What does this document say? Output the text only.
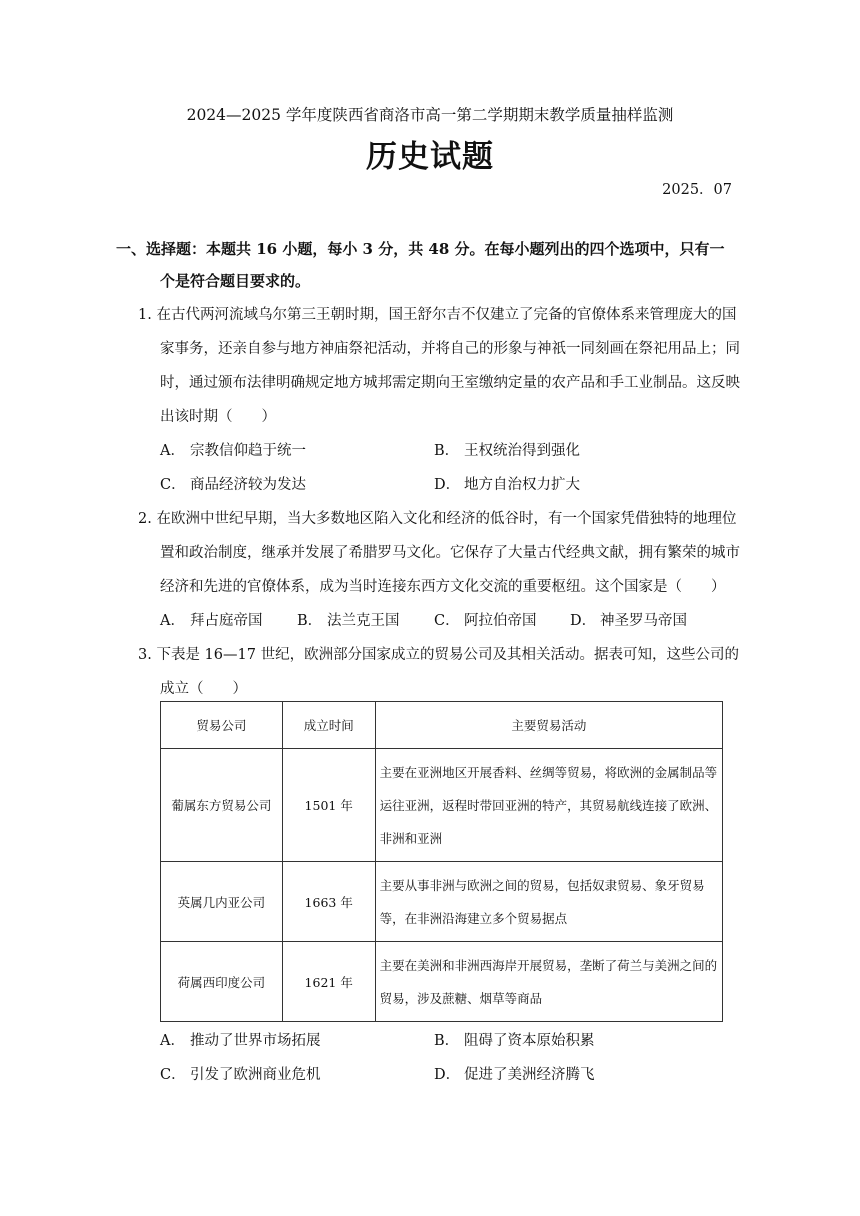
2024—2025 学年度陕西省商洛市高一第二学期期末教学质量抽样监测
历史试题
2025．07
一、选择题：本题共 16 小题，每小 3 分，共 48 分。在每小题列出的四个选项中，只有一
个是符合题目要求的。
1. 在古代两河流域乌尔第三王朝时期，国王舒尔吉不仅建立了完备的官僚体系来管理庞大的国
家事务，还亲自参与地方神庙祭祀活动，并将自己的形象与神祇一同刻画在祭祀用品上；同
时，通过颁布法律明确规定地方城邦需定期向王室缴纳定量的农产品和手工业制品。这反映
出该时期（　　）
A． 宗教信仰趋于统一	B． 王权统治得到强化
C． 商品经济较为发达	D． 地方自治权力扩大
2. 在欧洲中世纪早期，当大多数地区陷入文化和经济的低谷时，有一个国家凭借独特的地理位
置和政治制度，继承并发展了希腊罗马文化。它保存了大量古代经典文献，拥有繁荣的城市
经济和先进的官僚体系，成为当时连接东西方文化交流的重要枢纽。这个国家是（　　）
A． 拜占庭帝国 B． 法兰克王国 C． 阿拉伯帝国 D． 神圣罗马帝国
3. 下表是 16—17 世纪，欧洲部分国家成立的贸易公司及其相关活动。据表可知，这些公司的
成立（　　）
贸易公司	成立时间	主要贸易活动
葡属东方贸易公司	1501 年	主要在亚洲地区开展香料、丝绸等贸易，将欧洲的金属制品等运往亚洲，返程时带回亚洲的特产，其贸易航线连接了欧洲、非洲和亚洲
英属几内亚公司	1663 年	主要从事非洲与欧洲之间的贸易，包括奴隶贸易、象牙贸易等，在非洲沿海建立多个贸易据点
荷属西印度公司	1621 年	主要在美洲和非洲西海岸开展贸易，垄断了荷兰与美洲之间的贸易，涉及蔗糖、烟草等商品
A． 推动了世界市场拓展	B． 阻碍了资本原始积累
C． 引发了欧洲商业危机	D． 促进了美洲经济腾飞
